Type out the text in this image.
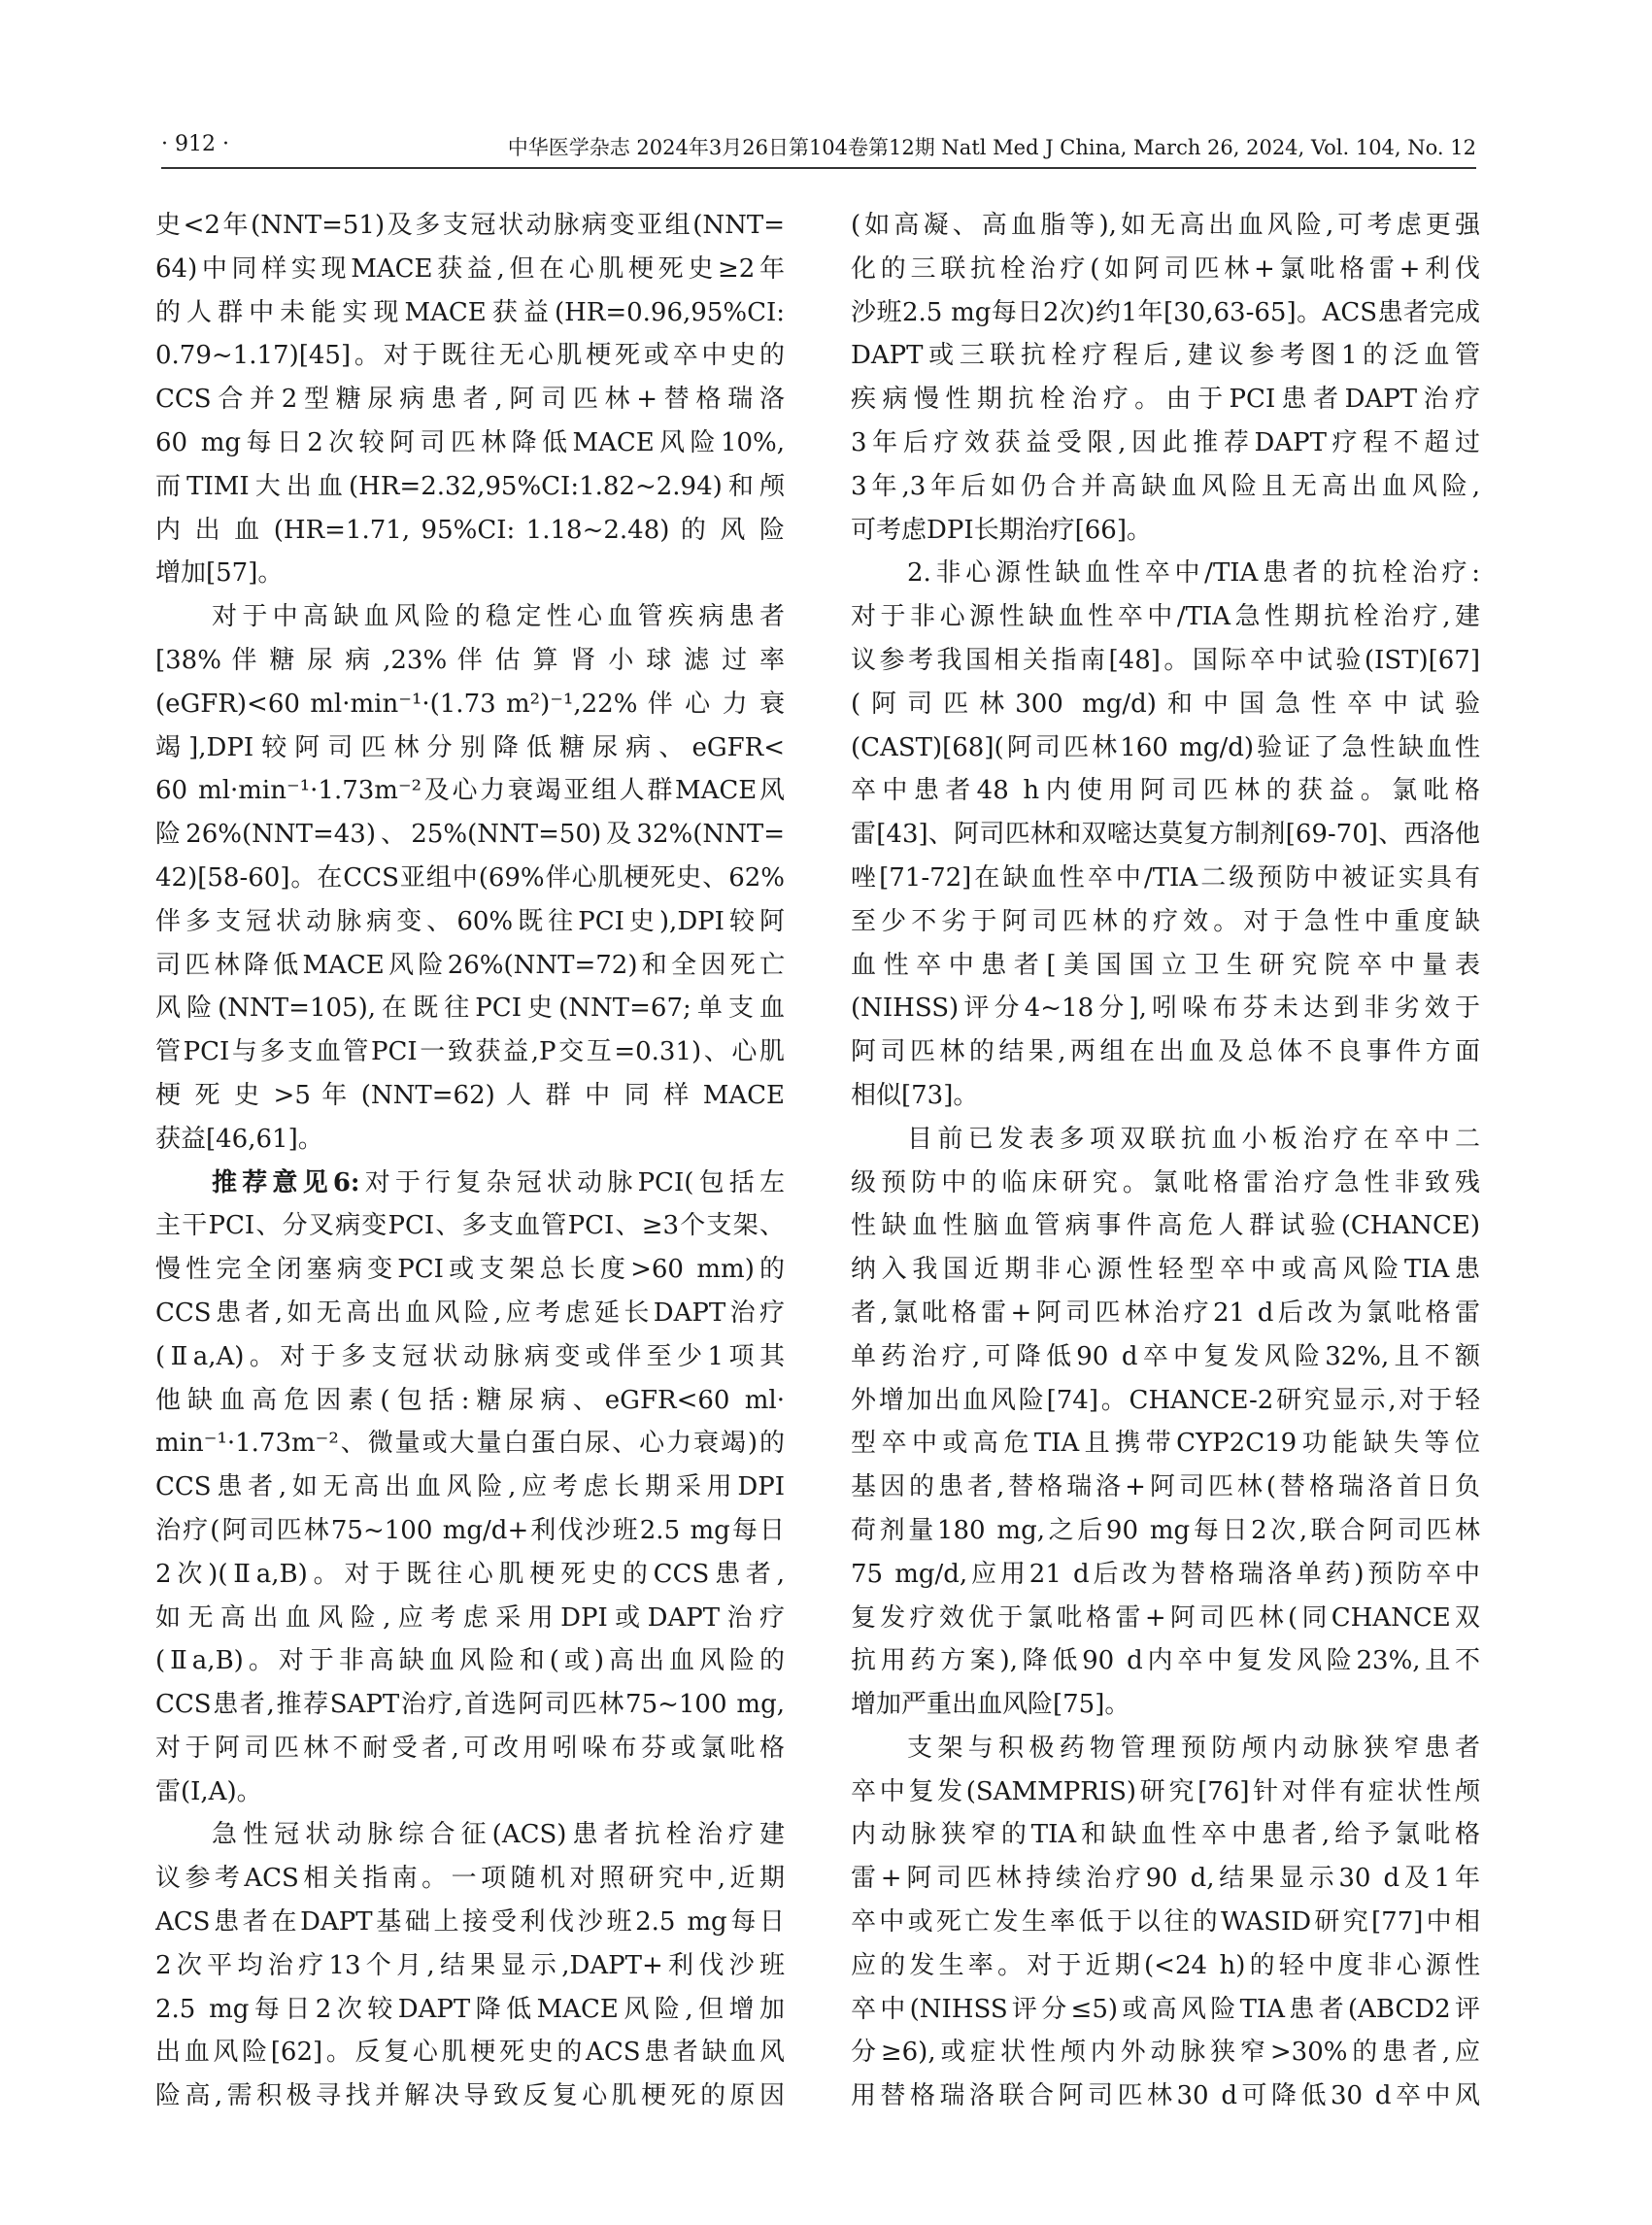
· 912 ·	中华医学杂志 2024年3月26日第104卷第12期 Natl Med J China, March 26, 2024, Vol. 104, No. 12
史<2年(NNT=51)及多支冠状动脉病变亚组(NNT=
64)中同样实现MACE获益,但在心肌梗死史≥2年
的人群中未能实现MACE获益(HR=0.96,95%CI:
0.79~1.17)[45]。对于既往无心肌梗死或卒中史的
CCS合并2型糖尿病患者,阿司匹林+替格瑞洛
60 mg每日2次较阿司匹林降低MACE风险10%,
而TIMI大出血(HR=2.32,95%CI:1.82~2.94)和颅
内 出 血 (HR=1.71, 95%CI: 1.18~2.48) 的 风 险
增加[57]。
对于中高缺血风险的稳定性心血管疾病患者
[38% 伴 糖 尿 病 ,23% 伴 估 算 肾 小 球 滤 过 率
(eGFR)<60 ml·min⁻¹·(1.73 m²)⁻¹,22% 伴 心 力 衰
竭],DPI较阿司匹林分别降低糖尿病、eGFR<
60 ml·min⁻¹·1.73m⁻²及心力衰竭亚组人群MACE风
险26%(NNT=43)、25%(NNT=50)及32%(NNT=
42)[58-60]。在CCS亚组中(69%伴心肌梗死史、62%
伴多支冠状动脉病变、60%既往PCI史),DPI较阿
司匹林降低MACE风险26%(NNT=72)和全因死亡
风险(NNT=105),在既往PCI史(NNT=67;单支血
管PCI与多支血管PCI一致获益,P交互=0.31)、心肌
梗 死 史 >5 年 (NNT=62) 人 群 中 同 样 MACE
获益[46,61]。
推荐意见6:对于行复杂冠状动脉PCI(包括左
主干PCI、分叉病变PCI、多支血管PCI、≥3个支架、
慢性完全闭塞病变PCI或支架总长度>60 mm)的
CCS患者,如无高出血风险,应考虑延长DAPT治疗
(Ⅱa,A)。对于多支冠状动脉病变或伴至少1项其
他缺血高危因素(包括:糖尿病、eGFR<60 ml·
min⁻¹·1.73m⁻²、微量或大量白蛋白尿、心力衰竭)的
CCS患者,如无高出血风险,应考虑长期采用DPI
治疗(阿司匹林75~100 mg/d+利伐沙班2.5 mg每日
2次)(Ⅱa,B)。对于既往心肌梗死史的CCS患者,
如无高出血风险,应考虑采用DPI或DAPT治疗
(Ⅱa,B)。对于非高缺血风险和(或)高出血风险的
CCS患者,推荐SAPT治疗,首选阿司匹林75~100 mg,
对于阿司匹林不耐受者,可改用吲哚布芬或氯吡格
雷(Ⅰ,A)。
急性冠状动脉综合征(ACS)患者抗栓治疗建
议参考ACS相关指南。一项随机对照研究中,近期
ACS患者在DAPT基础上接受利伐沙班2.5 mg每日
2次平均治疗13个月,结果显示,DAPT+利伐沙班
2.5 mg每日2次较DAPT降低MACE风险,但增加
出血风险[62]。反复心肌梗死史的ACS患者缺血风
险高,需积极寻找并解决导致反复心肌梗死的原因
(如高凝、高血脂等),如无高出血风险,可考虑更强
化的三联抗栓治疗(如阿司匹林+氯吡格雷+利伐
沙班2.5 mg每日2次)约1年[30,63-65]。ACS患者完成
DAPT或三联抗栓疗程后,建议参考图1的泛血管
疾病慢性期抗栓治疗。由于PCI患者DAPT治疗
3年后疗效获益受限,因此推荐DAPT疗程不超过
3年,3年后如仍合并高缺血风险且无高出血风险,
可考虑DPI长期治疗[66]。
2.非心源性缺血性卒中/TIA患者的抗栓治疗:
对于非心源性缺血性卒中/TIA急性期抗栓治疗,建
议参考我国相关指南[48]。国际卒中试验(IST)[67]
(阿司匹林300 mg/d)和中国急性卒中试验
(CAST)[68](阿司匹林160 mg/d)验证了急性缺血性
卒中患者48 h内使用阿司匹林的获益。氯吡格
雷[43]、阿司匹林和双嘧达莫复方制剂[69-70]、西洛他
唑[71-72]在缺血性卒中/TIA二级预防中被证实具有
至少不劣于阿司匹林的疗效。对于急性中重度缺
血性卒中患者[美国国立卫生研究院卒中量表
(NIHSS)评分4~18分],吲哚布芬未达到非劣效于
阿司匹林的结果,两组在出血及总体不良事件方面
相似[73]。
目前已发表多项双联抗血小板治疗在卒中二
级预防中的临床研究。氯吡格雷治疗急性非致残
性缺血性脑血管病事件高危人群试验(CHANCE)
纳入我国近期非心源性轻型卒中或高风险TIA患
者,氯吡格雷+阿司匹林治疗21 d后改为氯吡格雷
单药治疗,可降低90 d卒中复发风险32%,且不额
外增加出血风险[74]。CHANCE-2研究显示,对于轻
型卒中或高危TIA且携带CYP2C19功能缺失等位
基因的患者,替格瑞洛+阿司匹林(替格瑞洛首日负
荷剂量180 mg,之后90 mg每日2次,联合阿司匹林
75 mg/d,应用21 d后改为替格瑞洛单药)预防卒中
复发疗效优于氯吡格雷+阿司匹林(同CHANCE双
抗用药方案),降低90 d内卒中复发风险23%,且不
增加严重出血风险[75]。
支架与积极药物管理预防颅内动脉狭窄患者
卒中复发(SAMMPRIS)研究[76]针对伴有症状性颅
内动脉狭窄的TIA和缺血性卒中患者,给予氯吡格
雷+阿司匹林持续治疗90 d,结果显示30 d及1年
卒中或死亡发生率低于以往的WASID研究[77]中相
应的发生率。对于近期(<24 h)的轻中度非心源性
卒中(NIHSS评分≤5)或高风险TIA患者(ABCD2评
分≥6),或症状性颅内外动脉狭窄>30%的患者,应
用替格瑞洛联合阿司匹林30 d可降低30 d卒中风
